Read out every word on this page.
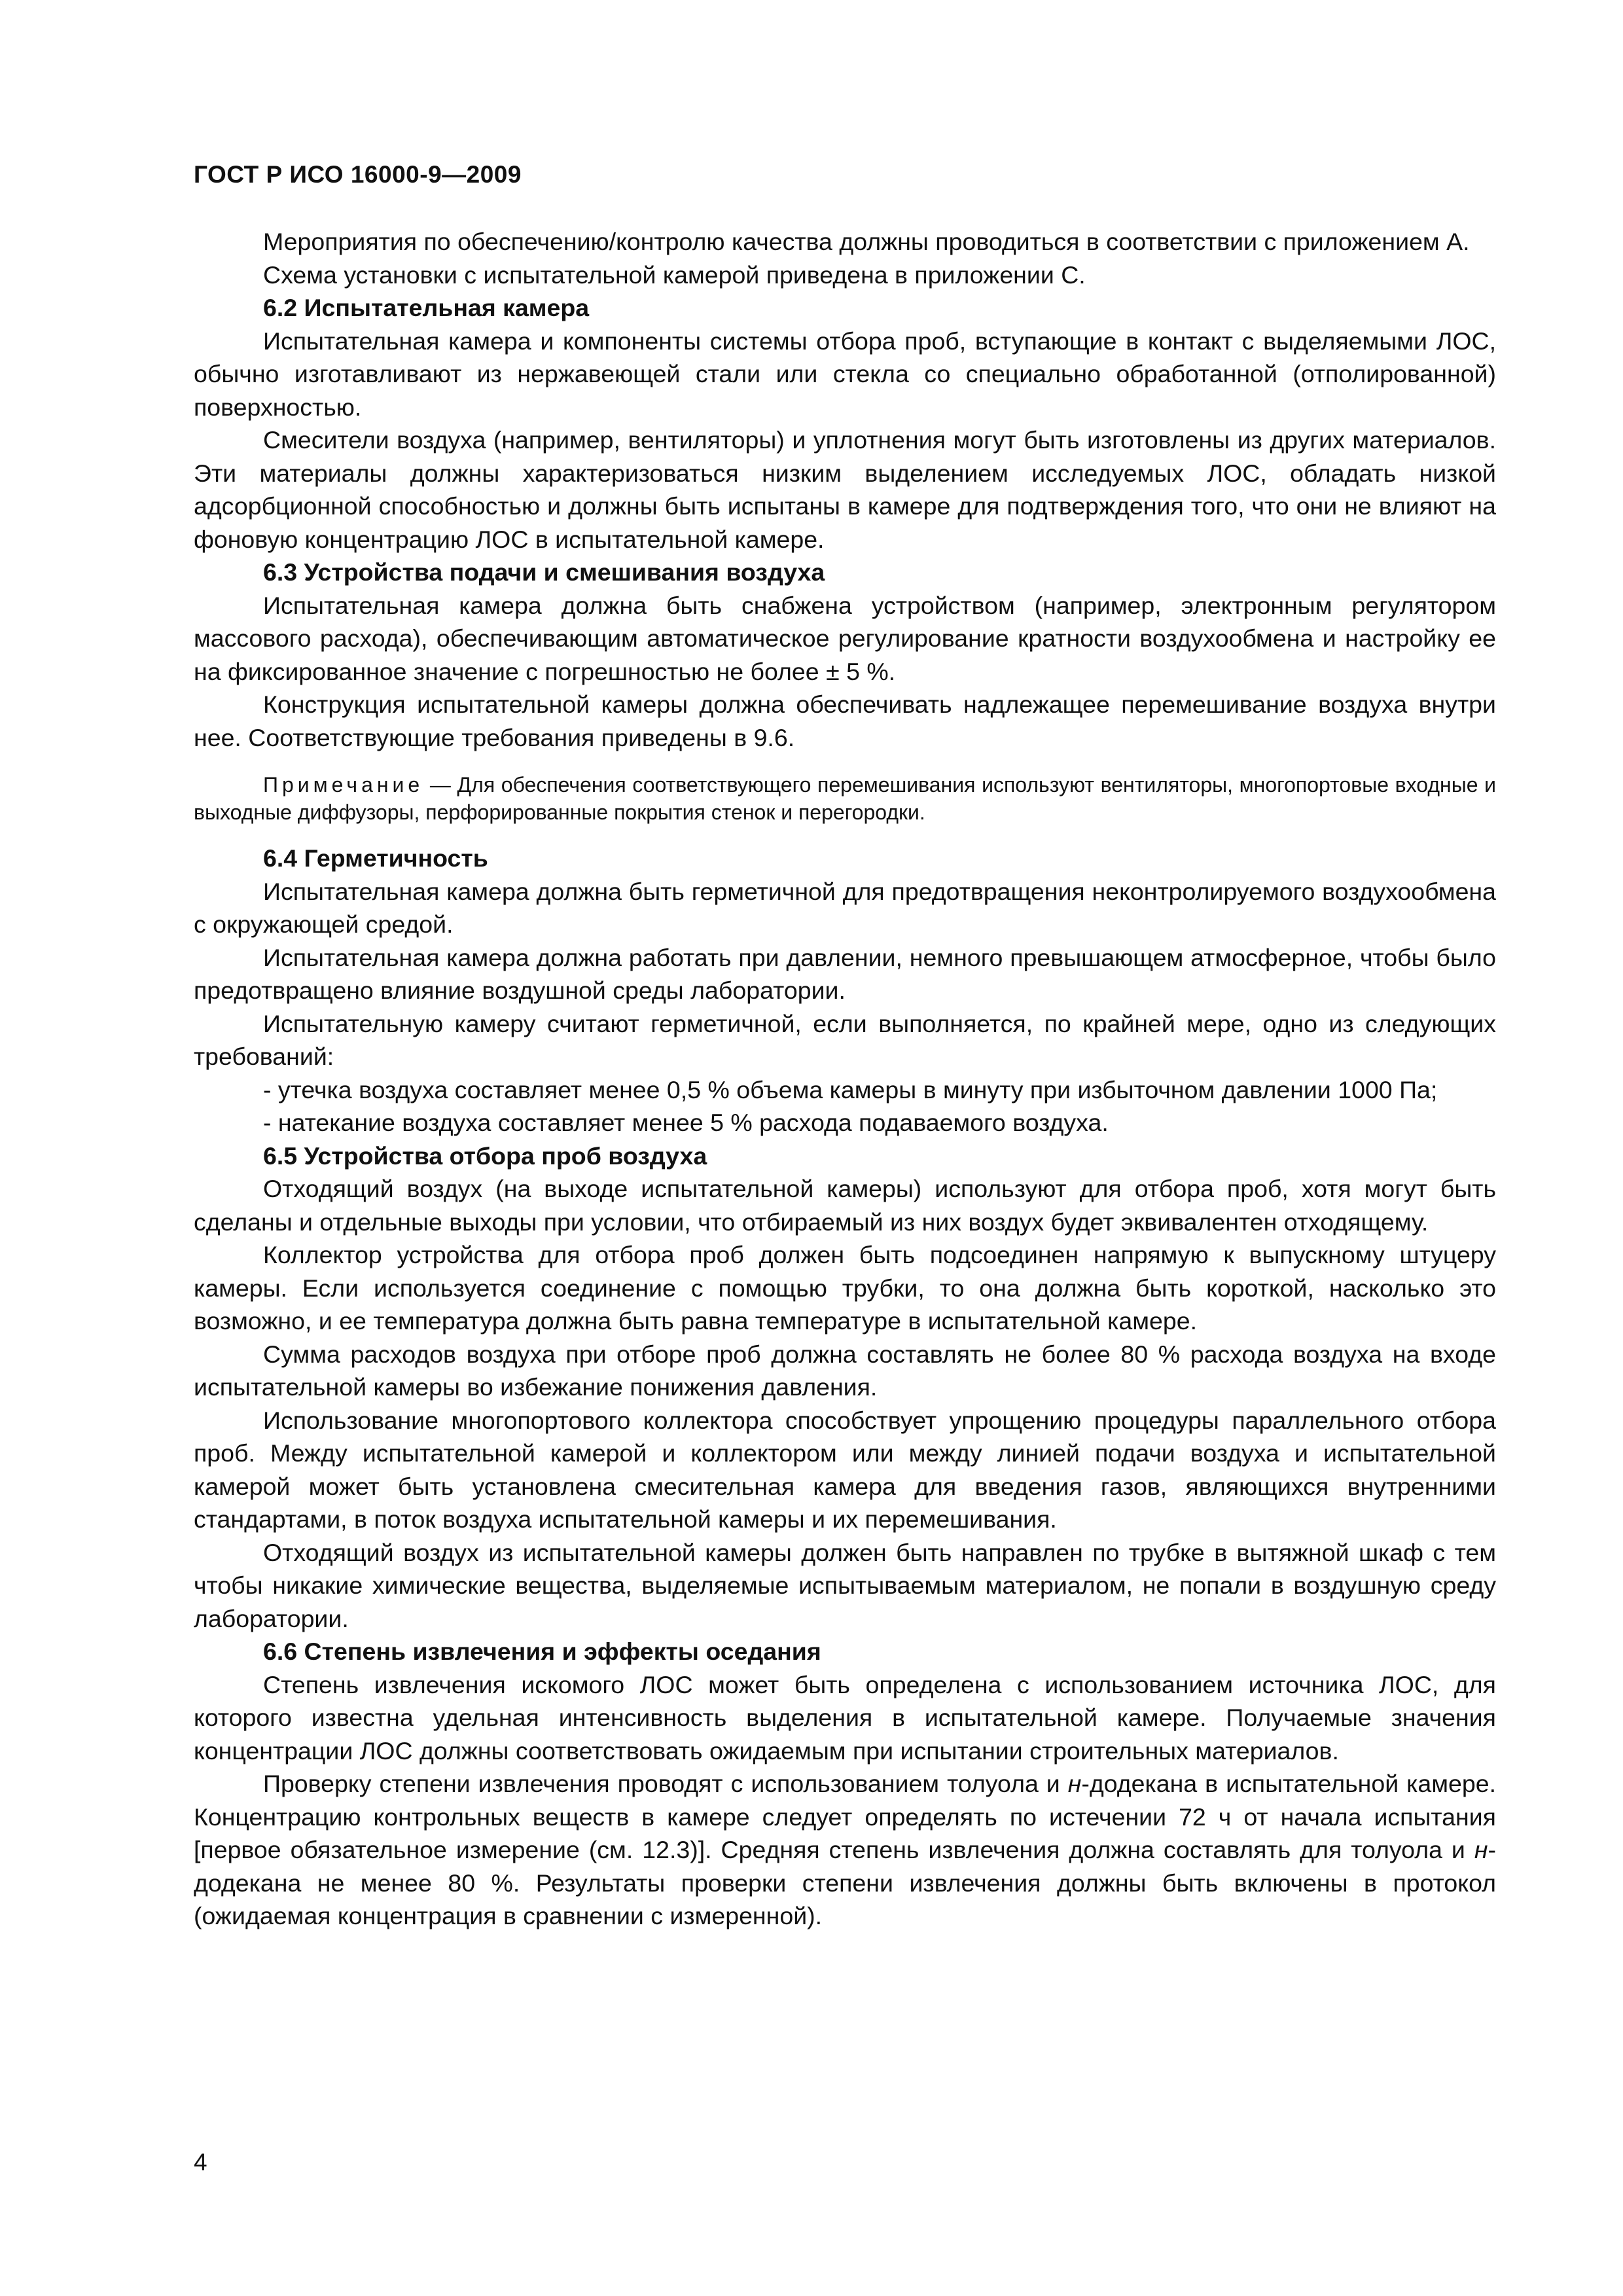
ГОСТ Р ИСО 16000-9—2009

Мероприятия по обеспечению/контролю качества должны проводиться в соответствии с приложением A.

Схема установки с испытательной камерой приведена в приложении C.

6.2 Испытательная камера

Испытательная камера и компоненты системы отбора проб, вступающие в контакт с выделяемыми ЛОС, обычно изготавливают из нержавеющей стали или стекла со специально обработанной (отполированной) поверхностью.

Смесители воздуха (например, вентиляторы) и уплотнения могут быть изготовлены из других материалов. Эти материалы должны характеризоваться низким выделением исследуемых ЛОС, обладать низкой адсорбционной способностью и должны быть испытаны в камере для подтверждения того, что они не влияют на фоновую концентрацию ЛОС в испытательной камере.

6.3 Устройства подачи и смешивания воздуха

Испытательная камера должна быть снабжена устройством (например, электронным регулятором массового расхода), обеспечивающим автоматическое регулирование кратности воздухообмена и настройку ее на фиксированное значение с погрешностью не более ± 5 %.

Конструкция испытательной камеры должна обеспечивать надлежащее перемешивание воздуха внутри нее. Соответствующие требования приведены в 9.6.

Примечание — Для обеспечения соответствующего перемешивания используют вентиляторы, многопортовые входные и выходные диффузоры, перфорированные покрытия стенок и перегородки.

6.4 Герметичность

Испытательная камера должна быть герметичной для предотвращения неконтролируемого воздухообмена с окружающей средой.

Испытательная камера должна работать при давлении, немного превышающем атмосферное, чтобы было предотвращено влияние воздушной среды лаборатории.

Испытательную камеру считают герметичной, если выполняется, по крайней мере, одно из следующих требований:

- утечка воздуха составляет менее 0,5 % объема камеры в минуту при избыточном давлении 1000 Па;

- натекание воздуха составляет менее 5 % расхода подаваемого воздуха.

6.5 Устройства отбора проб воздуха

Отходящий воздух (на выходе испытательной камеры) используют для отбора проб, хотя могут быть сделаны и отдельные выходы при условии, что отбираемый из них воздух будет эквивалентен отходящему.

Коллектор устройства для отбора проб должен быть подсоединен напрямую к выпускному штуцеру камеры. Если используется соединение с помощью трубки, то она должна быть короткой, насколько это возможно, и ее температура должна быть равна температуре в испытательной камере.

Сумма расходов воздуха при отборе проб должна составлять не более 80 % расхода воздуха на входе испытательной камеры во избежание понижения давления.

Использование многопортового коллектора способствует упрощению процедуры параллельного отбора проб. Между испытательной камерой и коллектором или между линией подачи воздуха и испытательной камерой может быть установлена смесительная камера для введения газов, являющихся внутренними стандартами, в поток воздуха испытательной камеры и их перемешивания.

Отходящий воздух из испытательной камеры должен быть направлен по трубке в вытяжной шкаф с тем чтобы никакие химические вещества, выделяемые испытываемым материалом, не попали в воздушную среду лаборатории.

6.6 Степень извлечения и эффекты оседания

Степень извлечения искомого ЛОС может быть определена с использованием источника ЛОС, для которого известна удельная интенсивность выделения в испытательной камере. Получаемые значения концентрации ЛОС должны соответствовать ожидаемым при испытании строительных материалов.

Проверку степени извлечения проводят с использованием толуола и н-додекана в испытательной камере. Концентрацию контрольных веществ в камере следует определять по истечении 72 ч от начала испытания [первое обязательное измерение (см. 12.3)]. Средняя степень извлечения должна составлять для толуола и н-додекана не менее 80 %. Результаты проверки степени извлечения должны быть включены в протокол (ожидаемая концентрация в сравнении с измеренной).

4
